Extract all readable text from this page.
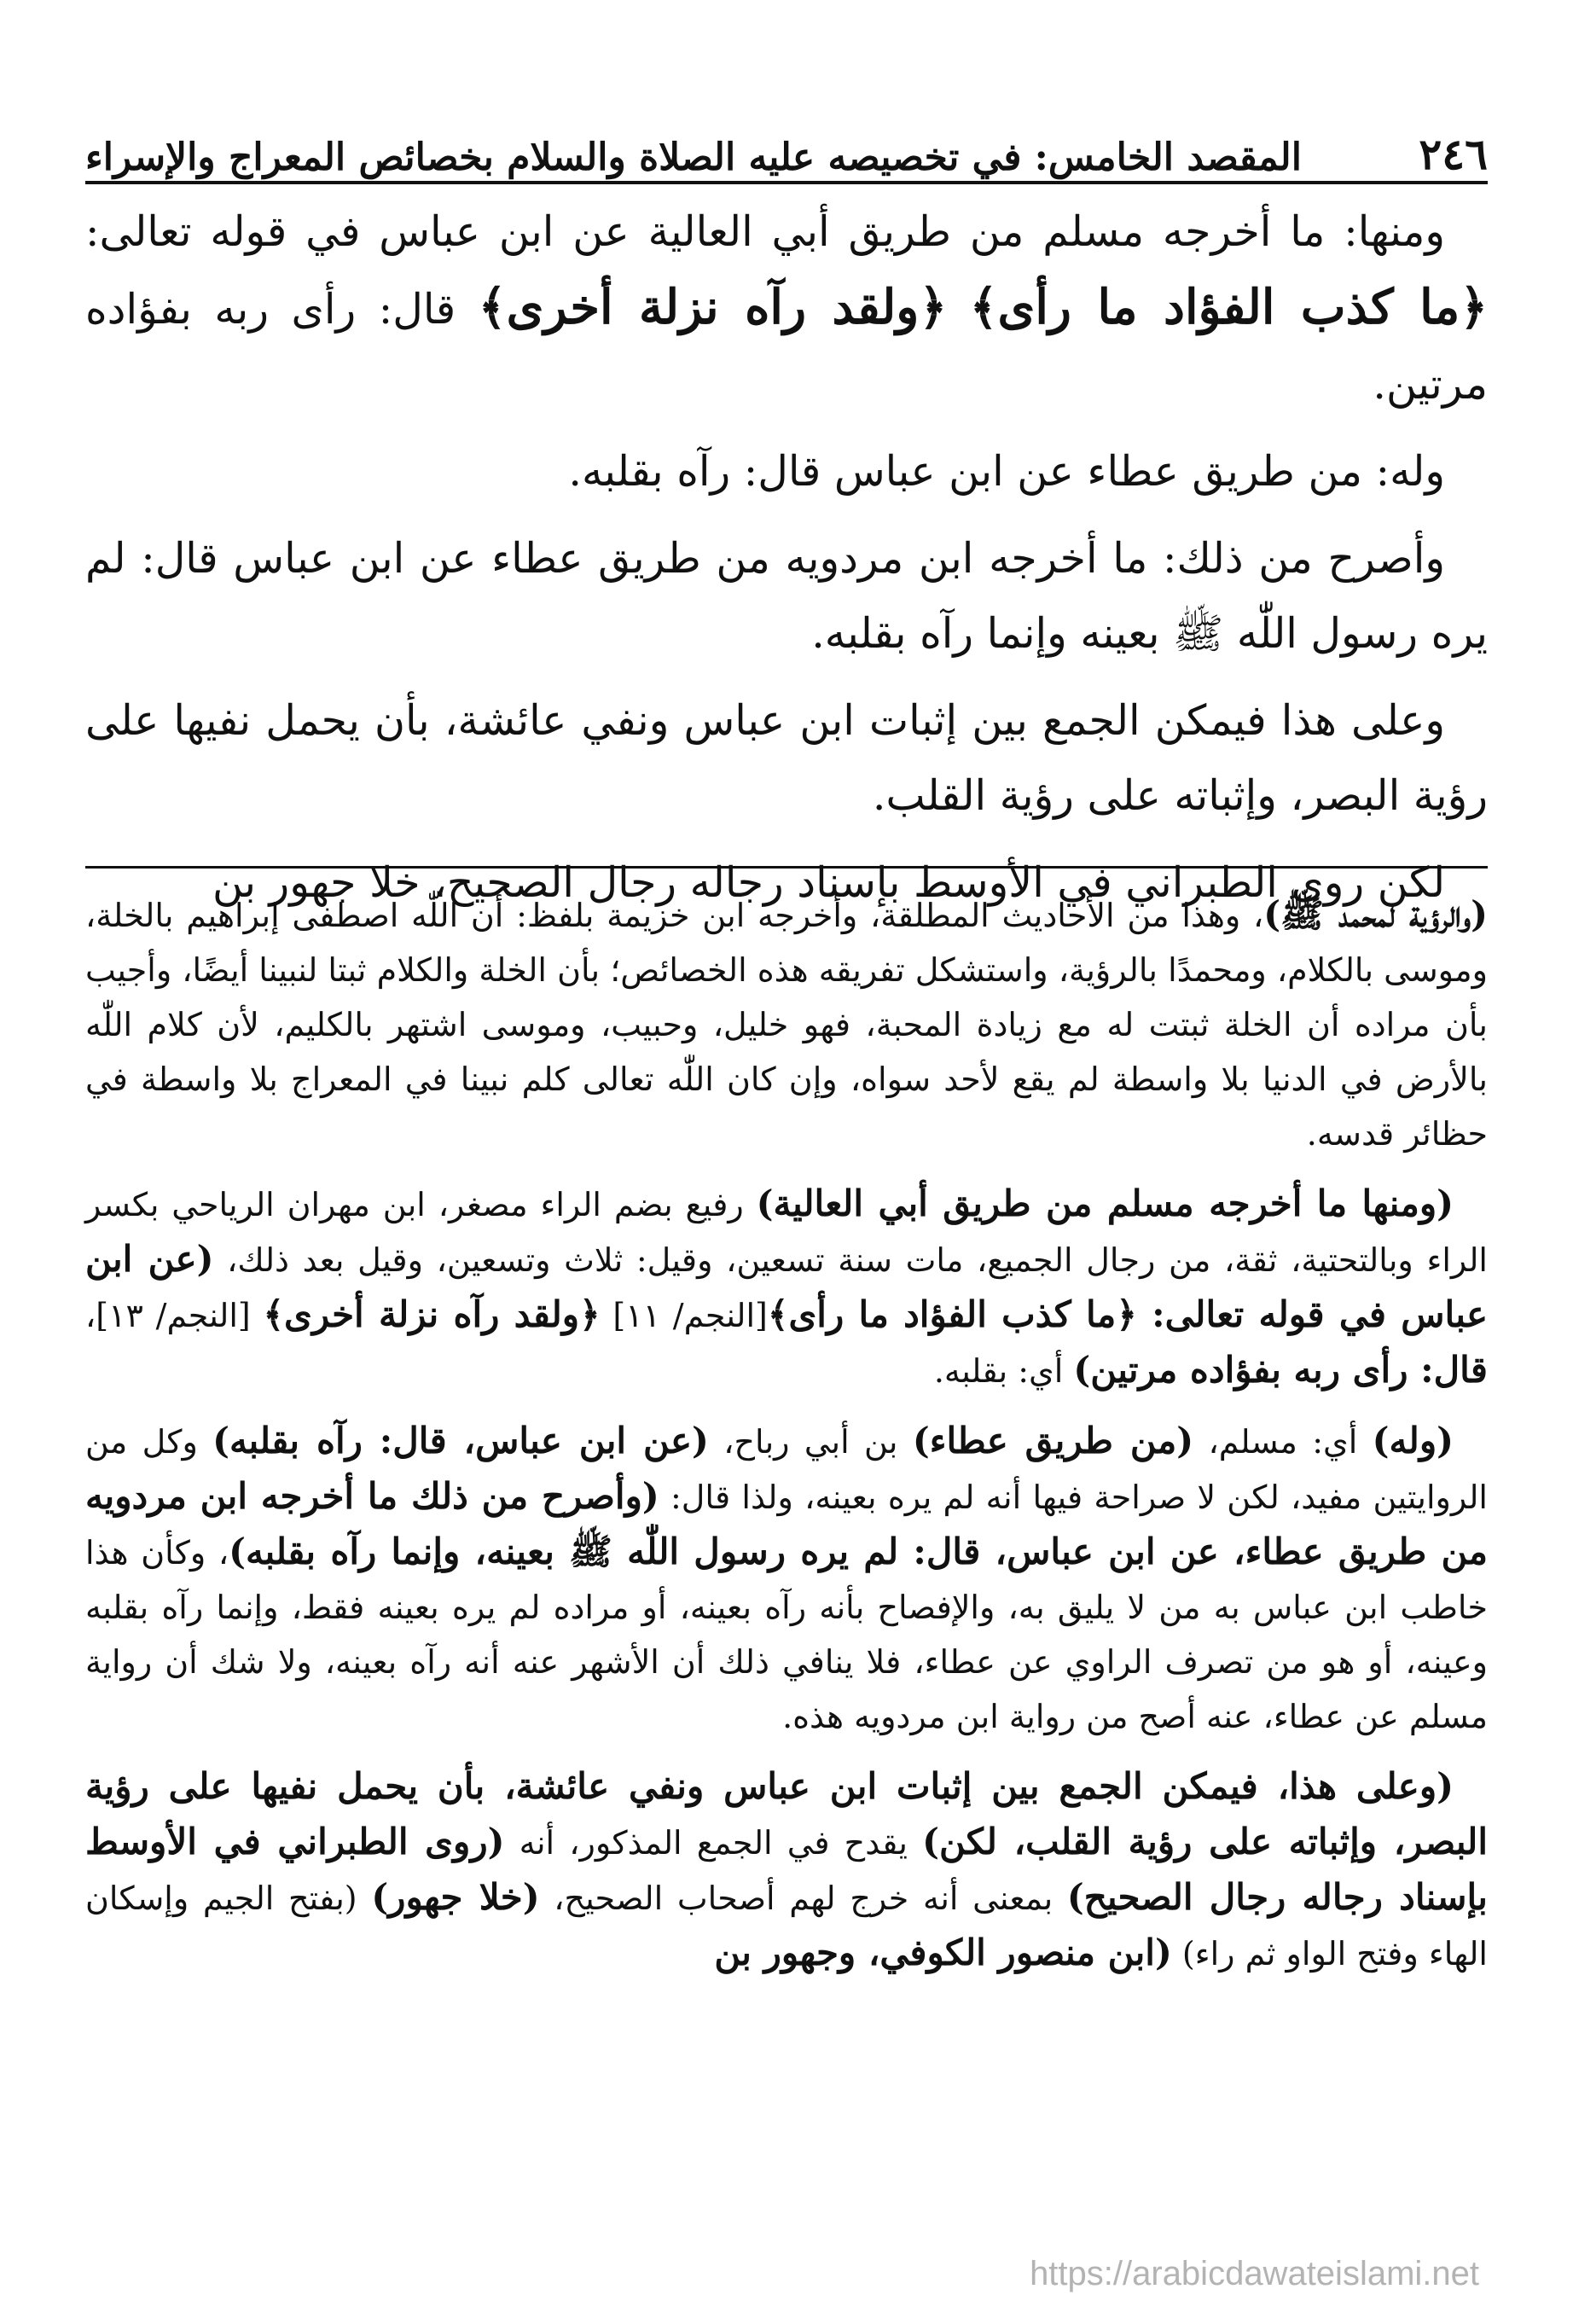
٢٤٦
المقصد الخامس: في تخصيصه عليه الصلاة والسلام بخصائص المعراج والإسراء

ومنها: ما أخرجه مسلم من طريق أبي العالية عن ابن عباس في قوله تعالى: ﴿ما كذب الفؤاد ما رأى﴾ ﴿ولقد رآه نزلة أخرى﴾ قال: رأى ربه بفؤاده مرتين.

وله: من طريق عطاء عن ابن عباس قال: رآه بقلبه.

وأصرح من ذلك: ما أخرجه ابن مردويه من طريق عطاء عن ابن عباس قال: لم يره رسول اللّٰه ﷺ بعينه وإنما رآه بقلبه.

وعلى هذا فيمكن الجمع بين إثبات ابن عباس ونفي عائشة، بأن يحمل نفيها على رؤية البصر، وإثباته على رؤية القلب.

لكن روى الطبراني في الأوسط بإسناد رجاله رجال الصحيح، خلا جهور بن

(والرؤية لمحمد ﷺ)، وهذا من الأحاديث المطلقة، وأخرجه ابن خزيمة بلفظ: أن اللّٰه اصطفى إبراهيم بالخلة، وموسى بالكلام، ومحمدًا بالرؤية، واستشكل تفريقه هذه الخصائص؛ بأن الخلة والكلام ثبتا لنبينا أيضًا، وأجيب بأن مراده أن الخلة ثبتت له مع زيادة المحبة، فهو خليل، وحبيب، وموسى اشتهر بالكليم، لأن كلام اللّٰه بالأرض في الدنيا بلا واسطة لم يقع لأحد سواه، وإن كان اللّٰه تعالى كلم نبينا في المعراج بلا واسطة في حظائر قدسه.

(ومنها ما أخرجه مسلم من طريق أبي العالية) رفيع بضم الراء مصغر، ابن مهران الرياحي بكسر الراء وبالتحتية، ثقة، من رجال الجميع، مات سنة تسعين، وقيل: ثلاث وتسعين، وقيل بعد ذلك، (عن ابن عباس في قوله تعالى: ﴿ما كذب الفؤاد ما رأى﴾[النجم/ ١١] ﴿ولقد رآه نزلة أخرى﴾ [النجم/ ١٣]، قال: رأى ربه بفؤاده مرتين) أي: بقلبه.

(وله) أي: مسلم، (من طريق عطاء) بن أبي رباح، (عن ابن عباس، قال: رآه بقلبه) وكل من الروايتين مفيد، لكن لا صراحة فيها أنه لم يره بعينه، ولذا قال: (وأصرح من ذلك ما أخرجه ابن مردويه من طريق عطاء، عن ابن عباس، قال: لم يره رسول اللّٰه ﷺ بعينه، وإنما رآه بقلبه)، وكأن هذا خاطب ابن عباس به من لا يليق به، والإفصاح بأنه رآه بعينه، أو مراده لم يره بعينه فقط، وإنما رآه بقلبه وعينه، أو هو من تصرف الراوي عن عطاء، فلا ينافي ذلك أن الأشهر عنه أنه رآه بعينه، ولا شك أن رواية مسلم عن عطاء، عنه أصح من رواية ابن مردويه هذه.

(وعلى هذا، فيمكن الجمع بين إثبات ابن عباس ونفي عائشة، بأن يحمل نفيها على رؤية البصر، وإثباته على رؤية القلب، لكن) يقدح في الجمع المذكور، أنه (روى الطبراني في الأوسط بإسناد رجاله رجال الصحيح) بمعنى أنه خرج لهم أصحاب الصحيح، (خلا جهور) (بفتح الجيم وإسكان الهاء وفتح الواو ثم راء) (ابن منصور الكوفي، وجهور بن

https://arabicdawateislami.net
